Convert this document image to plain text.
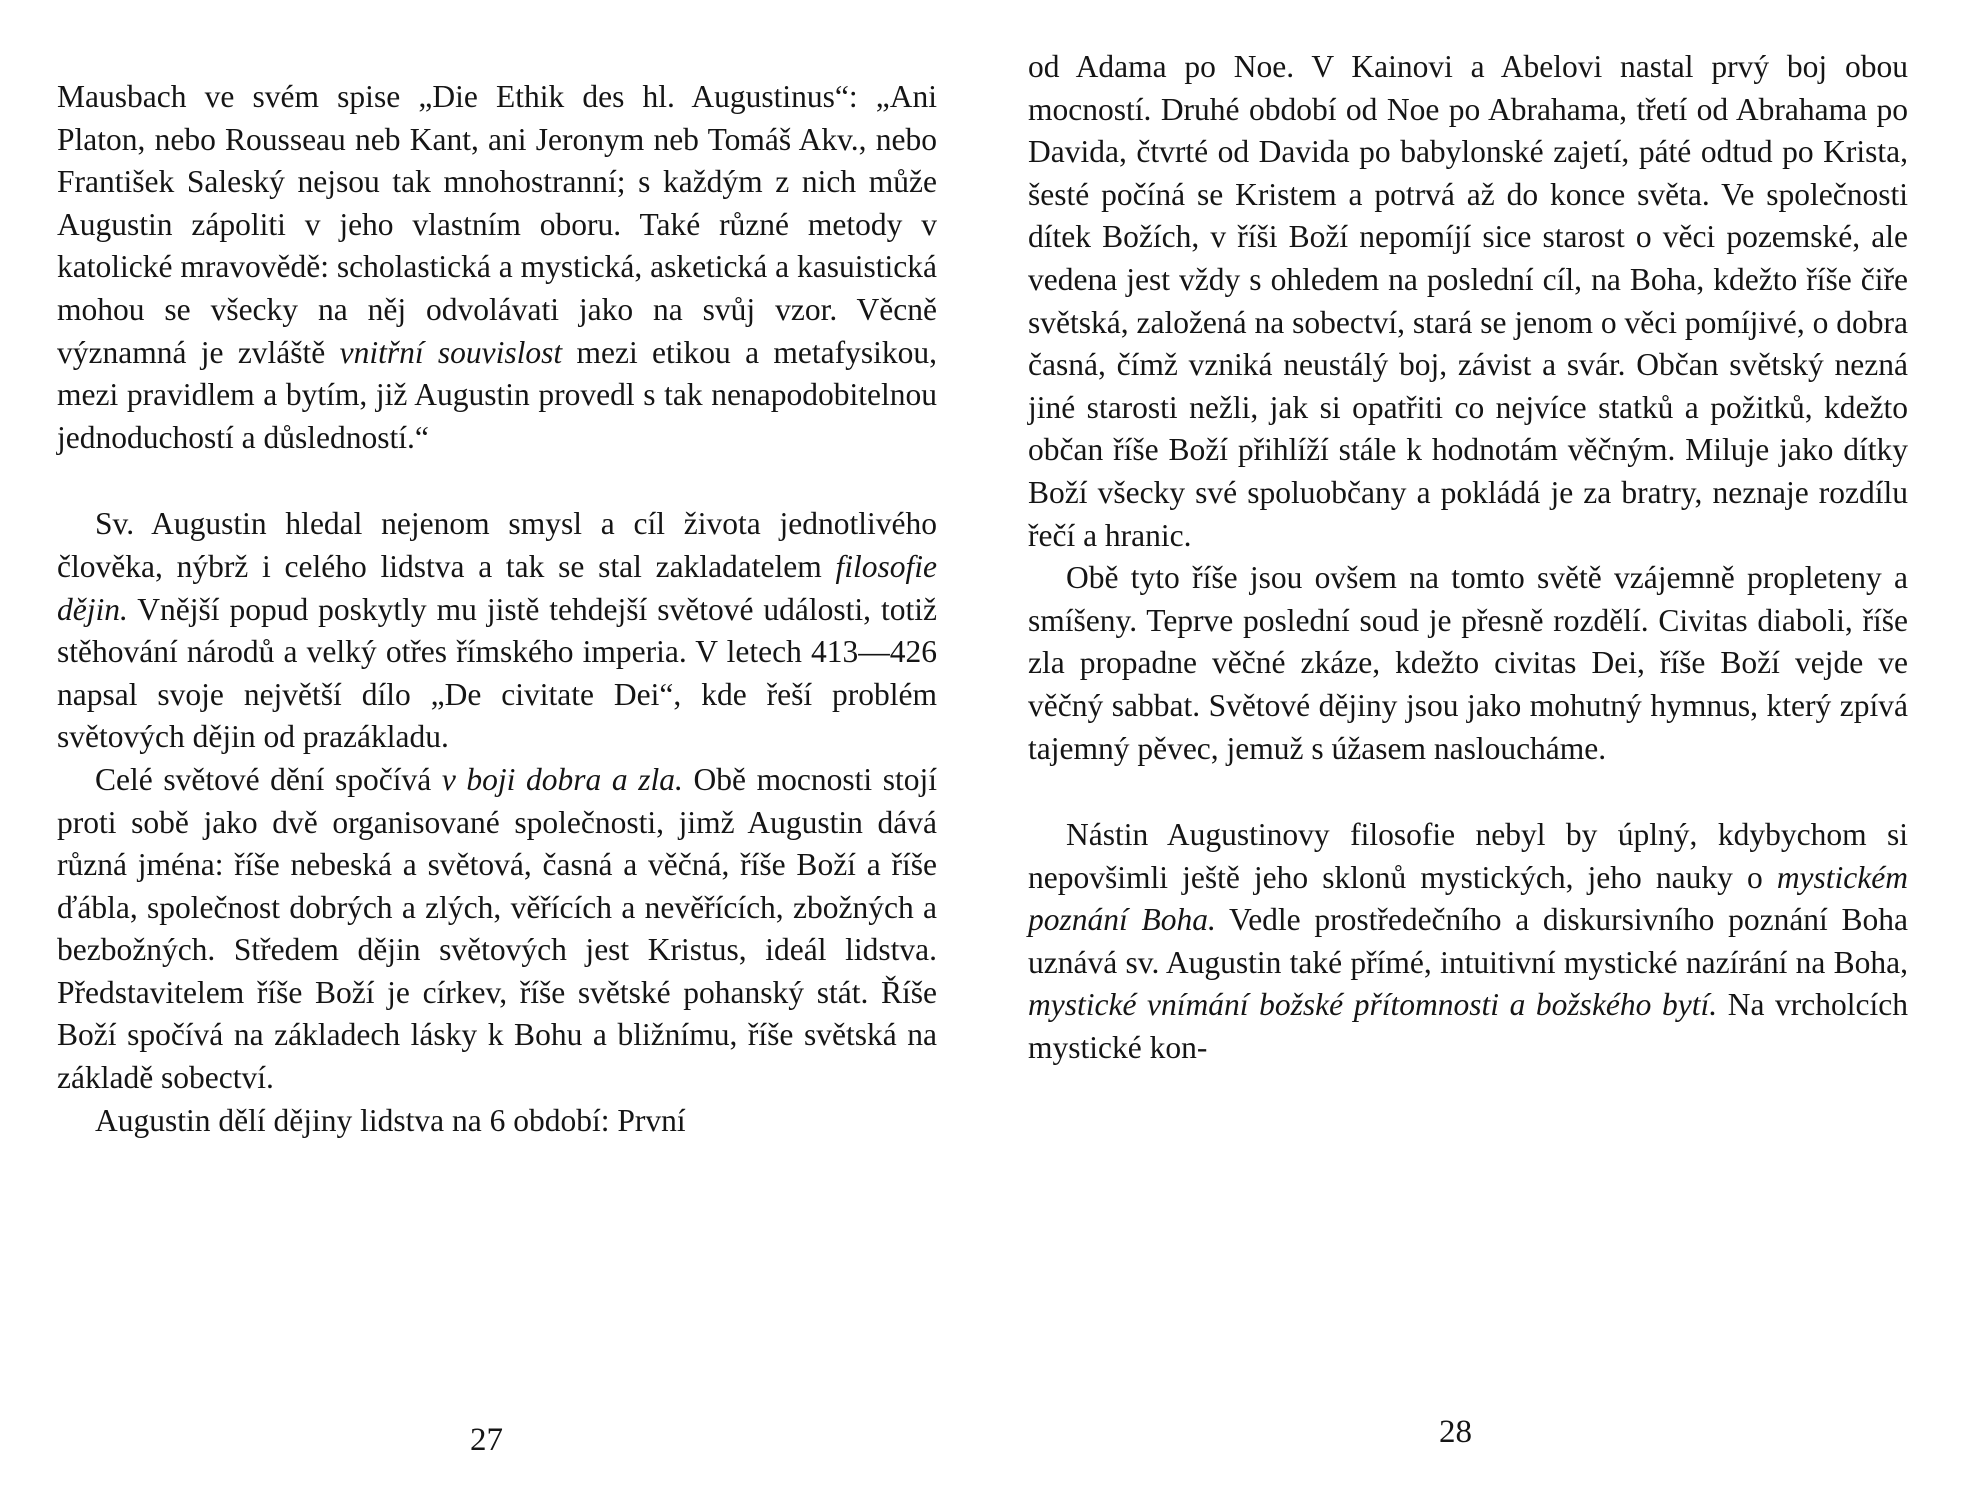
Mausbach ve svém spise „Die Ethik des hl. Augustinus“: „Ani Platon, nebo Rousseau neb Kant, ani Jeronym neb Tomáš Akv., nebo František Saleský nejsou tak mnohostranní; s každým z nich může Augustin zápoliti v jeho vlastním oboru. Také různé metody v katolické mravovědě: scholastická a mystická, asketická a kasuistická mohou se všecky na něj odvolávati jako na svůj vzor. Věcně významná je zvláště vnitřní souvislost mezi etikou a metafysikou, mezi pravidlem a bytím, již Augustin provedl s tak nenapodobitelnou jednoduchostí a důsledností.“

Sv. Augustin hledal nejenom smysl a cíl života jednotlivého člověka, nýbrž i celého lidstva a tak se stal zakladatelem filosofie dějin. Vnější popud poskytly mu jistě tehdejší světové události, totiž stěhování národů a velký otřes římského imperia. V letech 413—426 napsal svoje největší dílo „De civitate Dei“, kde řeší problém světových dějin od prazákladu.

Celé světové dění spočívá v boji dobra a zla. Obě mocnosti stojí proti sobě jako dvě organisované společnosti, jimž Augustin dává různá jména: říše nebeská a světová, časná a věčná, říše Boží a říše ďábla, společnost dobrých a zlých, věřících a nevěřících, zbožných a bezbožných. Středem dějin světových jest Kristus, ideál lidstva. Představitelem říše Boží je církev, říše světské pohanský stát. Říše Boží spočívá na základech lásky k Bohu a bližnímu, říše světská na základě sobectví.

Augustin dělí dějiny lidstva na 6 období: První

27

od Adama po Noe. V Kainovi a Abelovi nastal prvý boj obou mocností. Druhé období od Noe po Abrahama, třetí od Abrahama po Davida, čtvrté od Davida po babylonské zajetí, páté odtud po Krista, šesté počíná se Kristem a potrvá až do konce světa. Ve společnosti dítek Božích, v říši Boží nepomíjí sice starost o věci pozemské, ale vedena jest vždy s ohledem na poslední cíl, na Boha, kdežto říše čiře světská, založená na sobectví, stará se jenom o věci pomíjivé, o dobra časná, čímž vzniká neustálý boj, závist a svár. Občan světský nezná jiné starosti nežli, jak si opatřiti co nejvíce statků a požitků, kdežto občan říše Boží přihlíží stále k hodnotám věčným. Miluje jako dítky Boží všecky své spoluobčany a pokládá je za bratry, neznaje rozdílu řečí a hranic.

Obě tyto říše jsou ovšem na tomto světě vzájemně propleteny a smíšeny. Teprve poslední soud je přesně rozdělí. Civitas diaboli, říše zla propadne věčné zkáze, kdežto civitas Dei, říše Boží vejde ve věčný sabbat. Světové dějiny jsou jako mohutný hymnus, který zpívá tajemný pěvec, jemuž s úžasem nasloucháme.

Nástin Augustinovy filosofie nebyl by úplný, kdybychom si nepovšimli ještě jeho sklonů mystických, jeho nauky o mystickém poznání Boha. Vedle prostředečního a diskursivního poznání Boha uznává sv. Augustin také přímé, intuitivní mystické nazírání na Boha, mystické vnímání božské přítomnosti a božského bytí. Na vrcholcích mystické kon-

28
